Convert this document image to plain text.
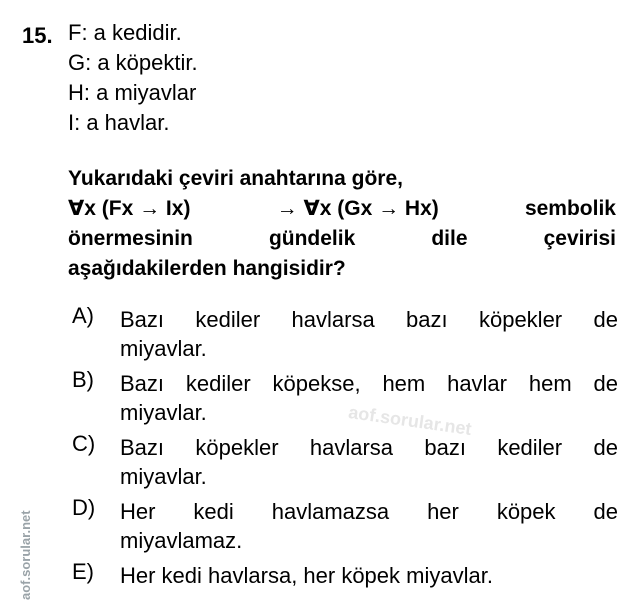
15. F: a kedidir.
G: a köpektir.
H: a miyavlar
I: a havlar.
Yukarıdaki çeviri anahtarına göre,
∀x (Fx → Ix)	→ ∀x (Gx → Hx)	sembolik
önermesinin	gündelik	dile	çevirisi
aşağıdakilerden hangisidir?
A)	Bazı kediler havlarsa bazı köpekler de
miyavlar.
B)	Bazı kediler köpekse, hem havlar hem de
miyavlar.
C)	Bazı köpekler havlarsa bazı kediler de
miyavlar.
D)	Her kedi havlamazsa her köpek de
miyavlamaz.
E)	Her kedi havlarsa, her köpek miyavlar.
aof.sorular.net
aof.sorular.net
